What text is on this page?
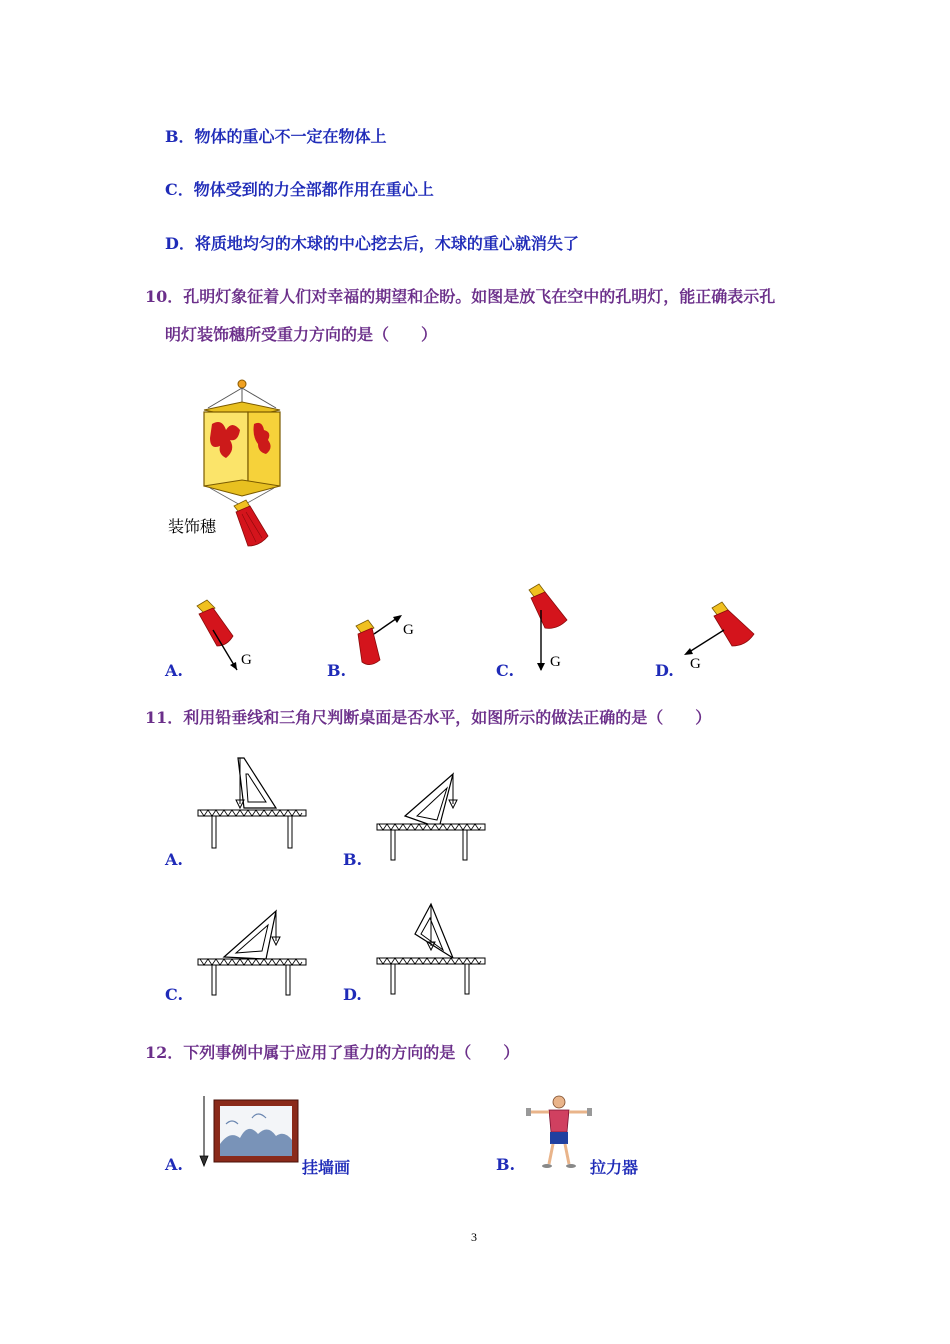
B．物体的重心不一定在物体上
C．物体受到的力全部都作用在重心上
D．将质地均匀的木球的中心挖去后，木球的重心就消失了
10．孔明灯象征着人们对幸福的期望和企盼。如图是放飞在空中的孔明灯，能正确表示孔
明灯装饰穗所受重力方向的是（　　）
装饰穗
A.
G
B.
G
C. G	D. G
11．利用铅垂线和三角尺判断桌面是否水平，如图所示的做法正确的是（　　）
A.	B.
C.	D.
12．下列事例中属于应用了重力的方向的是（　　）
A.	挂墙画	B.	拉力器
3
